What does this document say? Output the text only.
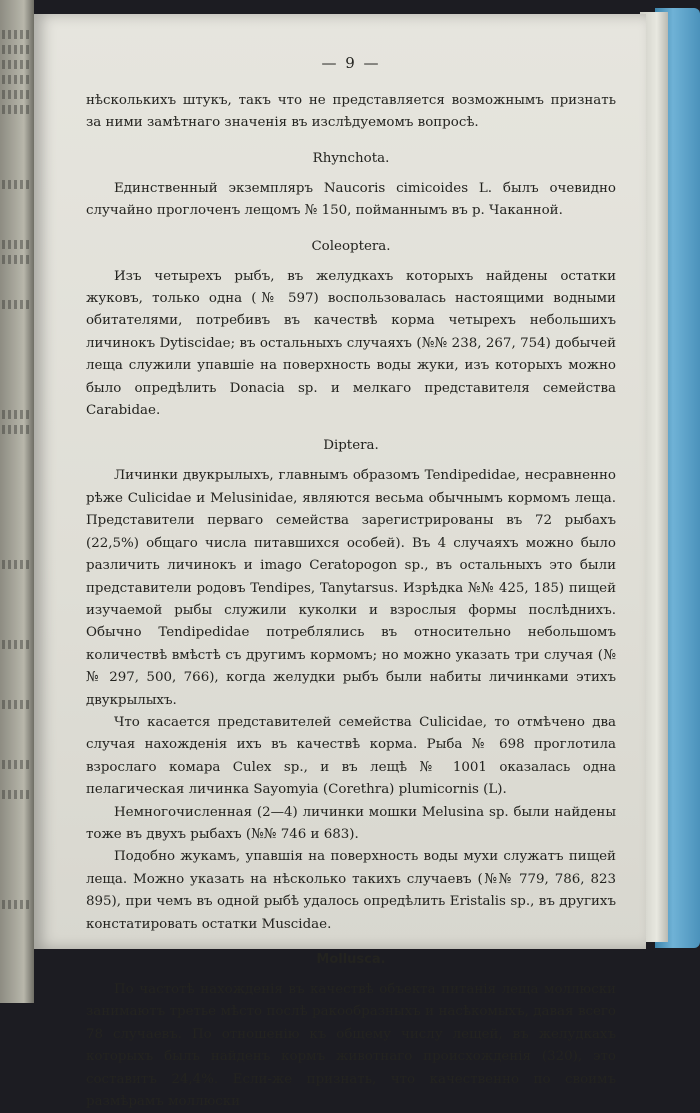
— 9 —

нѣсколькихъ штукъ, такъ что не представляется возможнымъ признать за ними замѣтнаго значенія въ изслѣдуемомъ вопросѣ.

Rhynchota.

Единственный экземпляръ Naucoris cimicoides L. былъ очевидно случайно проглоченъ лещомъ № 150, пойманнымъ въ р. Чаканной.

Coleoptera.

Изъ четырехъ рыбъ, въ желудкахъ которыхъ найдены остатки жуковъ, только одна (№ 597) воспользовалась настоящими водными обитателями, потребивъ въ качествѣ корма четырехъ небольшихъ личинокъ Dytiscidae; въ остальныхъ случаяхъ (№№ 238, 267, 754) добычей леща служили упавшіе на поверхность воды жуки, изъ которыхъ можно было опредѣлить Donacia sp. и мелкаго представителя семейства Carabidae.

Diptera.

Личинки двукрылыхъ, главнымъ образомъ Tendipedidae, несравненно рѣже Culicidae и Melusinidae, являются весьма обычнымъ кормомъ леща. Представители перваго семейства зарегистрированы въ 72 рыбахъ (22,5%) общаго числа питавшихся особей). Въ 4 случаяхъ можно было различить личинокъ и imago Ceratopogon sp., въ остальныхъ это были представители родовъ Tendipes, Tanytarsus. Изрѣдка №№ 425, 185) пищей изучаемой рыбы служили куколки и взрослыя формы послѣднихъ. Обычно Tendipedidae потреблялись въ относительно небольшомъ количествѣ вмѣстѣ съ другимъ кормомъ; но можно указать три случая (№№ 297, 500, 766), когда желудки рыбъ были набиты личинками этихъ двукрылыхъ.

Что касается представителей семейства Culicidae, то отмѣчено два случая нахожденія ихъ въ качествѣ корма. Рыба № 698 проглотила взрослаго комара Culex sp., и въ лещѣ № 1001 оказалась одна пелагическая личинка Sayomyia (Corethra) plumicornis (L).

Немногочисленная (2—4) личинки мошки Melusina sp. были найдены тоже въ двухъ рыбахъ (№№ 746 и 683).

Подобно жукамъ, упавшія на поверхность воды мухи служатъ пищей леща. Можно указать на нѣсколько такихъ случаевъ (№№ 779, 786, 823 895), при чемъ въ одной рыбѣ удалось опредѣлить Eristalis sp., въ другихъ констатировать остатки Muscidae.

Mollusca.

По частотѣ нахожденія въ качествѣ объекта питанія леща моллюски занимаютъ третье мѣсто послѣ ракообразныхъ и насѣкомыхъ, давая всего 78 случаевъ. По отношенію къ общему числу лещей, въ желудкахъ которыхъ былъ найденъ кормъ животнаго происхожденія (320), это составитъ 24,4%. Если-же признать, что качественно по своимъ размѣрамъ моллюски
